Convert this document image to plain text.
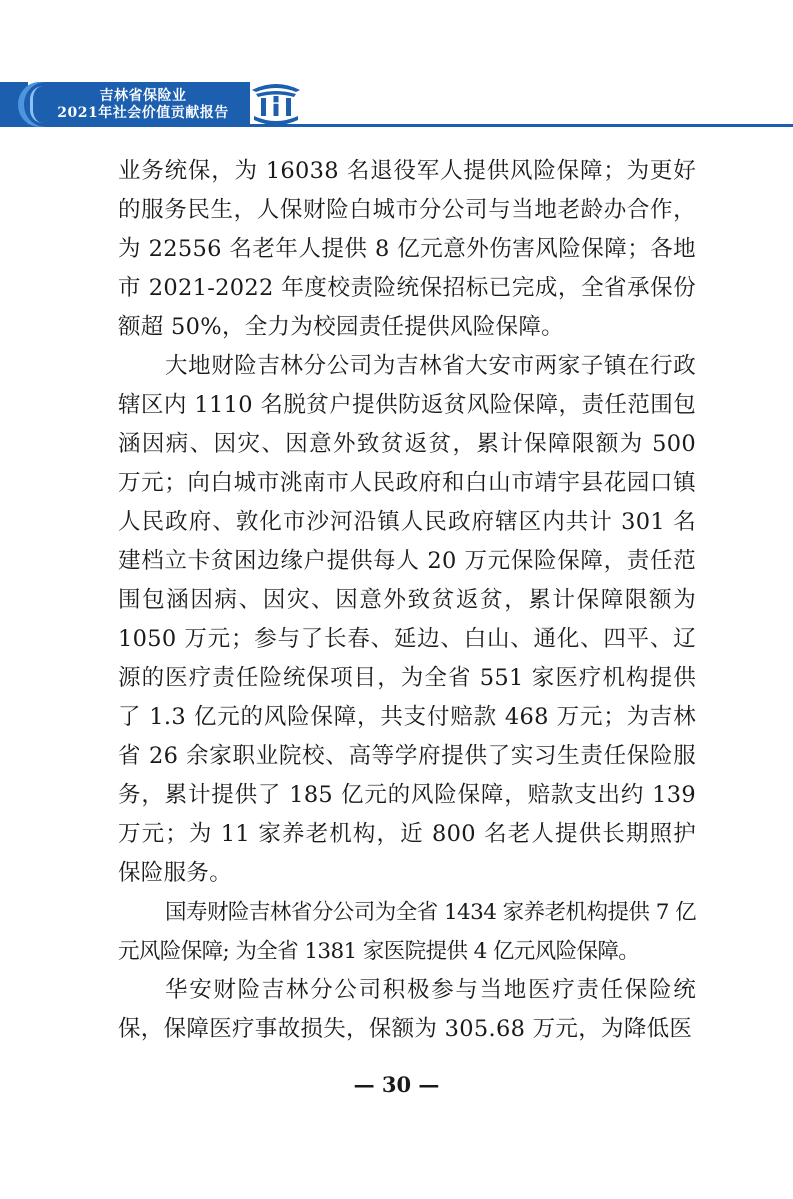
吉林省保险业
2021年社会价值贡献报告

业务统保，为 16038 名退役军人提供风险保障；为更好的服务民生，人保财险白城市分公司与当地老龄办合作，为 22556 名老年人提供 8 亿元意外伤害风险保障；各地市 2021-2022 年度校责险统保招标已完成，全省承保份额超 50%，全力为校园责任提供风险保障。

大地财险吉林分公司为吉林省大安市两家子镇在行政辖区内 1110 名脱贫户提供防返贫风险保障，责任范围包涵因病、因灾、因意外致贫返贫，累计保障限额为 500 万元；向白城市洮南市人民政府和白山市靖宇县花园口镇人民政府、敦化市沙河沿镇人民政府辖区内共计 301 名建档立卡贫困边缘户提供每人 20 万元保险保障，责任范围包涵因病、因灾、因意外致贫返贫，累计保障限额为 1050 万元；参与了长春、延边、白山、通化、四平、辽源的医疗责任险统保项目，为全省 551 家医疗机构提供了 1.3 亿元的风险保障，共支付赔款 468 万元；为吉林省 26 余家职业院校、高等学府提供了实习生责任保险服务，累计提供了 185 亿元的风险保障，赔款支出约 139 万元；为 11 家养老机构，近 800 名老人提供长期照护保险服务。

国寿财险吉林省分公司为全省 1434 家养老机构提供 7 亿元风险保障; 为全省 1381 家医院提供 4 亿元风险保障。

华安财险吉林分公司积极参与当地医疗责任保险统保，保障医疗事故损失，保额为 305.68 万元，为降低医

— 30 —
